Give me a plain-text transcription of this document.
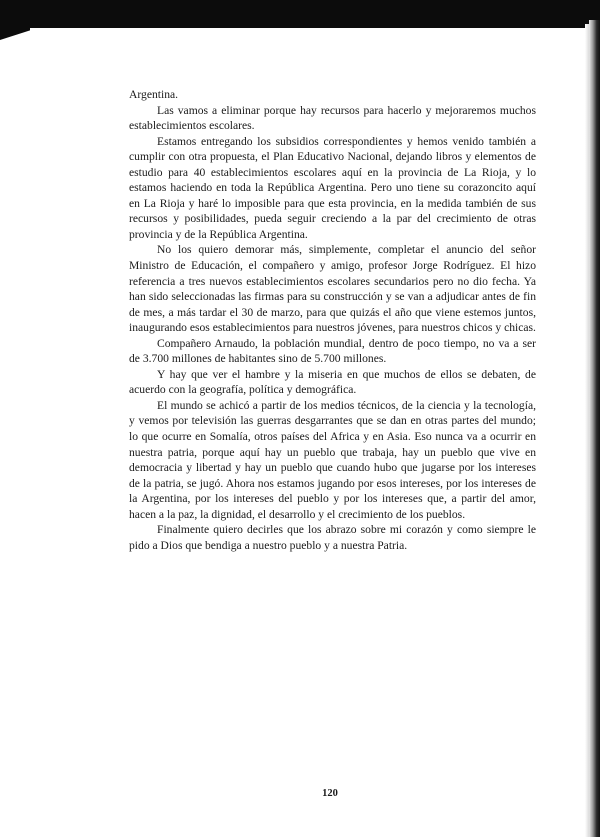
Argentina.

Las vamos a eliminar porque hay recursos para hacerlo y mejoraremos muchos establecimientos escolares.

Estamos entregando los subsidios correspondientes y hemos venido también a cumplir con otra propuesta, el Plan Educativo Nacional, dejando libros y elementos de estudio para 40 establecimientos escolares aquí en la provincia de La Rioja, y lo estamos haciendo en toda la República Argentina. Pero uno tiene su corazoncito aquí en La Rioja y haré lo imposible para que esta provincia, en la medida también de sus recursos y posibilidades, pueda seguir creciendo a la par del crecimiento de otras provincia y de la República Argentina.

No los quiero demorar más, simplemente, completar el anuncio del señor Ministro de Educación, el compañero y amigo, profesor Jorge Rodríguez. El hizo referencia a tres nuevos establecimientos escolares secundarios pero no dio fecha. Ya han sido seleccionadas las firmas para su construcción y se van a adjudicar antes de fin de mes, a más tardar el 30 de marzo, para que quizás el año que viene estemos juntos, inaugurando esos establecimientos para nuestros jóvenes, para nuestros chicos y chicas.

Compañero Arnaudo, la población mundial, dentro de poco tiempo, no va a ser de 3.700 millones de habitantes sino de 5.700 millones.

Y hay que ver el hambre y la miseria en que muchos de ellos se debaten, de acuerdo con la geografía, política y demográfica.

El mundo se achicó a partir de los medios técnicos, de la ciencia y la tecnología, y vemos por televisión las guerras desgarrantes que se dan en otras partes del mundo; lo que ocurre en Somalía, otros países del Africa y en Asia. Eso nunca va a ocurrir en nuestra patria, porque aquí hay un pueblo que trabaja, hay un pueblo que vive en democracia y libertad y hay un pueblo que cuando hubo que jugarse por los intereses de la patria, se jugó. Ahora nos estamos jugando por esos intereses, por los intereses de la Argentina, por los intereses del pueblo y por los intereses que, a partir del amor, hacen a la paz, la dignidad, el desarrollo y el crecimiento de los pueblos.

Finalmente quiero decirles que los abrazo sobre mi corazón y como siempre le pido a Dios que bendiga a nuestro pueblo y a nuestra Patria.

120
